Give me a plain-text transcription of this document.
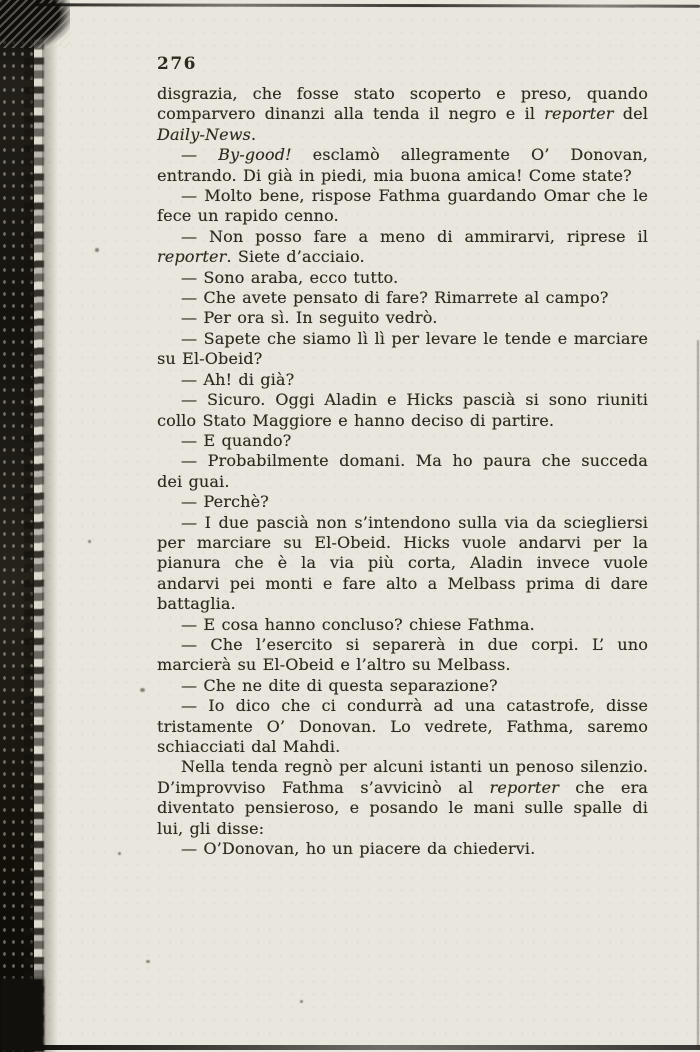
276

disgrazia, che fosse stato scoperto e preso, quando comparvero dinanzi alla tenda il negro e il reporter del Daily-News.

— By-good! esclamò allegramente O’ Donovan, entrando. Di già in piedi, mia buona amica! Come state?

— Molto bene, rispose Fathma guardando Omar che le fece un rapido cenno.

— Non posso fare a meno di ammirarvi, riprese il reporter. Siete d’acciaio.

— Sono araba, ecco tutto.

— Che avete pensato di fare? Rimarrete al campo?

— Per ora sì. In seguito vedrò.

— Sapete che siamo lì lì per levare le tende e marciare su El-Obeid?

— Ah! di già?

— Sicuro. Oggi Aladin e Hicks pascià si sono riuniti collo Stato Maggiore e hanno deciso di partire.

— E quando?

— Probabilmente domani. Ma ho paura che succeda dei guai.

— Perchè?

— I due pascià non s’intendono sulla via da sciegliersi per marciare su El-Obeid. Hicks vuole andarvi per la pianura che è la via più corta, Aladin invece vuole andarvi pei monti e fare alto a Melbass prima di dare battaglia.

— E cosa hanno concluso? chiese Fathma.

— Che l’esercito si separerà in due corpi. L’ uno marcierà su El-Obeid e l’altro su Melbass.

— Che ne dite di questa separazione?

— Io dico che ci condurrà ad una catastrofe, disse tristamente O’ Donovan. Lo vedrete, Fathma, saremo schiacciati dal Mahdi.

Nella tenda regnò per alcuni istanti un penoso silenzio. D’improvviso Fathma s’avvicinò al reporter che era diventato pensieroso, e posando le mani sulle spalle di lui, gli disse:

— O’Donovan, ho un piacere da chiedervi.
